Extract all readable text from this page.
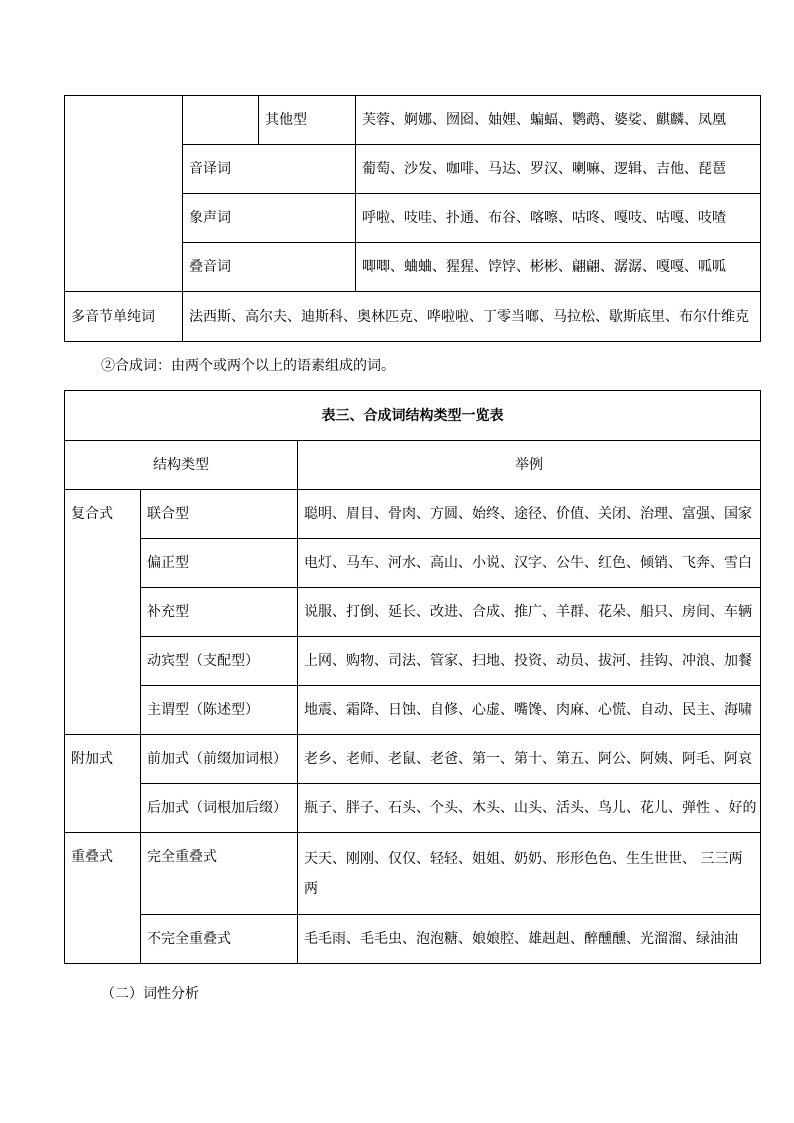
		其他型	芙蓉、婀娜、囫囵、妯娌、蝙蝠、鹦鹉、婆娑、麒麟、凤凰
	音译词		葡萄、沙发、咖啡、马达、罗汉、喇嘛、逻辑、吉他、琵琶
	象声词		呼啦、吱哇、扑通、布谷、喀嚓、咕咚、嘎吱、咕嘎、吱喳
	叠音词		唧唧、蛐蛐、猩猩、饽饽、彬彬、翩翩、潺潺、嘎嘎、呱呱
多音节单纯词	法西斯、高尔夫、迪斯科、奥林匹克、哗啦啦、丁零当啷、马拉松、歇斯底里、布尔什维克		
②合成词：由两个或两个以上的语素组成的词。
表三、合成词结构类型一览表		
结构类型		举例
复合式	联合型	聪明、眉目、骨肉、方圆、始终、途径、价值、关闭、治理、富强、国家
	偏正型	电灯、马车、河水、高山、小说、汉字、公牛、红色、倾销、飞奔、雪白
	补充型	说服、打倒、延长、改进、合成、推广、羊群、花朵、船只、房间、车辆
	动宾型（支配型）	上网、购物、司法、管家、扫地、投资、动员、拔河、挂钩、冲浪、加餐
	主谓型（陈述型）	地震、霜降、日蚀、自修、心虚、嘴馋、肉麻、心慌、自动、民主、海啸
附加式	前加式（前缀加词根）	老乡、老师、老鼠、老爸、第一、第十、第五、阿公、阿姨、阿毛、阿哀
	后加式（词根加后缀）	瓶子、胖子、石头、个头、木头、山头、活头、鸟儿、花儿、弹性 、好的
重叠式	完全重叠式	天天、刚刚、仅仅、轻轻、姐姐、奶奶、形形色色、生生世世、 三三两两
	不完全重叠式	毛毛雨、毛毛虫、泡泡糖、娘娘腔、雄赳赳、醉醺醺、光溜溜、绿油油
（二）词性分析
